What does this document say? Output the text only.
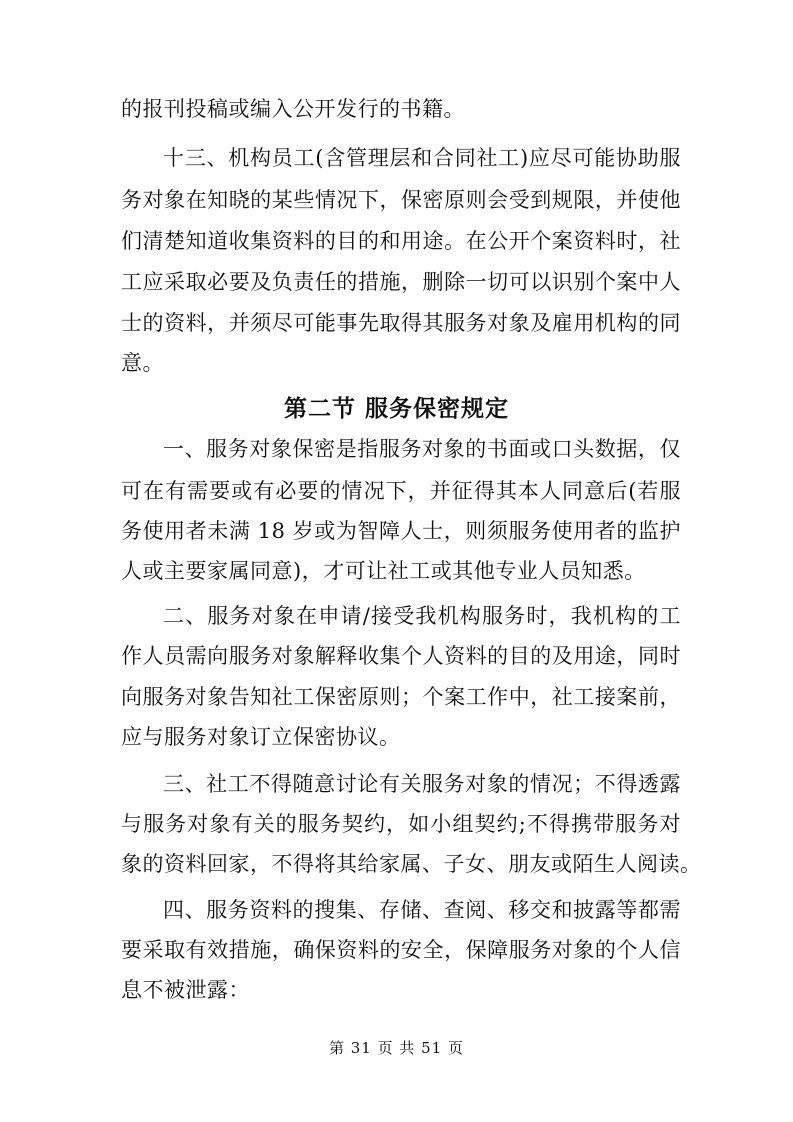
的报刊投稿或编入公开发行的书籍。
十三、机构员工(含管理层和合同社工)应尽可能协助服
务对象在知晓的某些情况下，保密原则会受到规限，并使他
们清楚知道收集资料的目的和用途。在公开个案资料时，社
工应采取必要及负责任的措施，删除一切可以识别个案中人
士的资料，并须尽可能事先取得其服务对象及雇用机构的同
意。
第二节 服务保密规定
一、服务对象保密是指服务对象的书面或口头数据，仅
可在有需要或有必要的情况下，并征得其本人同意后(若服
务使用者未满 18 岁或为智障人士，则须服务使用者的监护
人或主要家属同意)，才可让社工或其他专业人员知悉。
二、服务对象在申请/接受我机构服务时，我机构的工
作人员需向服务对象解释收集个人资料的目的及用途，同时
向服务对象告知社工保密原则；个案工作中，社工接案前，
应与服务对象订立保密协议。
三、社工不得随意讨论有关服务对象的情况；不得透露
与服务对象有关的服务契约，如小组契约;不得携带服务对
象的资料回家，不得将其给家属、子女、朋友或陌生人阅读。
四、服务资料的搜集、存储、查阅、移交和披露等都需
要采取有效措施，确保资料的安全，保障服务对象的个人信
息不被泄露：
第 31 页 共 51 页
